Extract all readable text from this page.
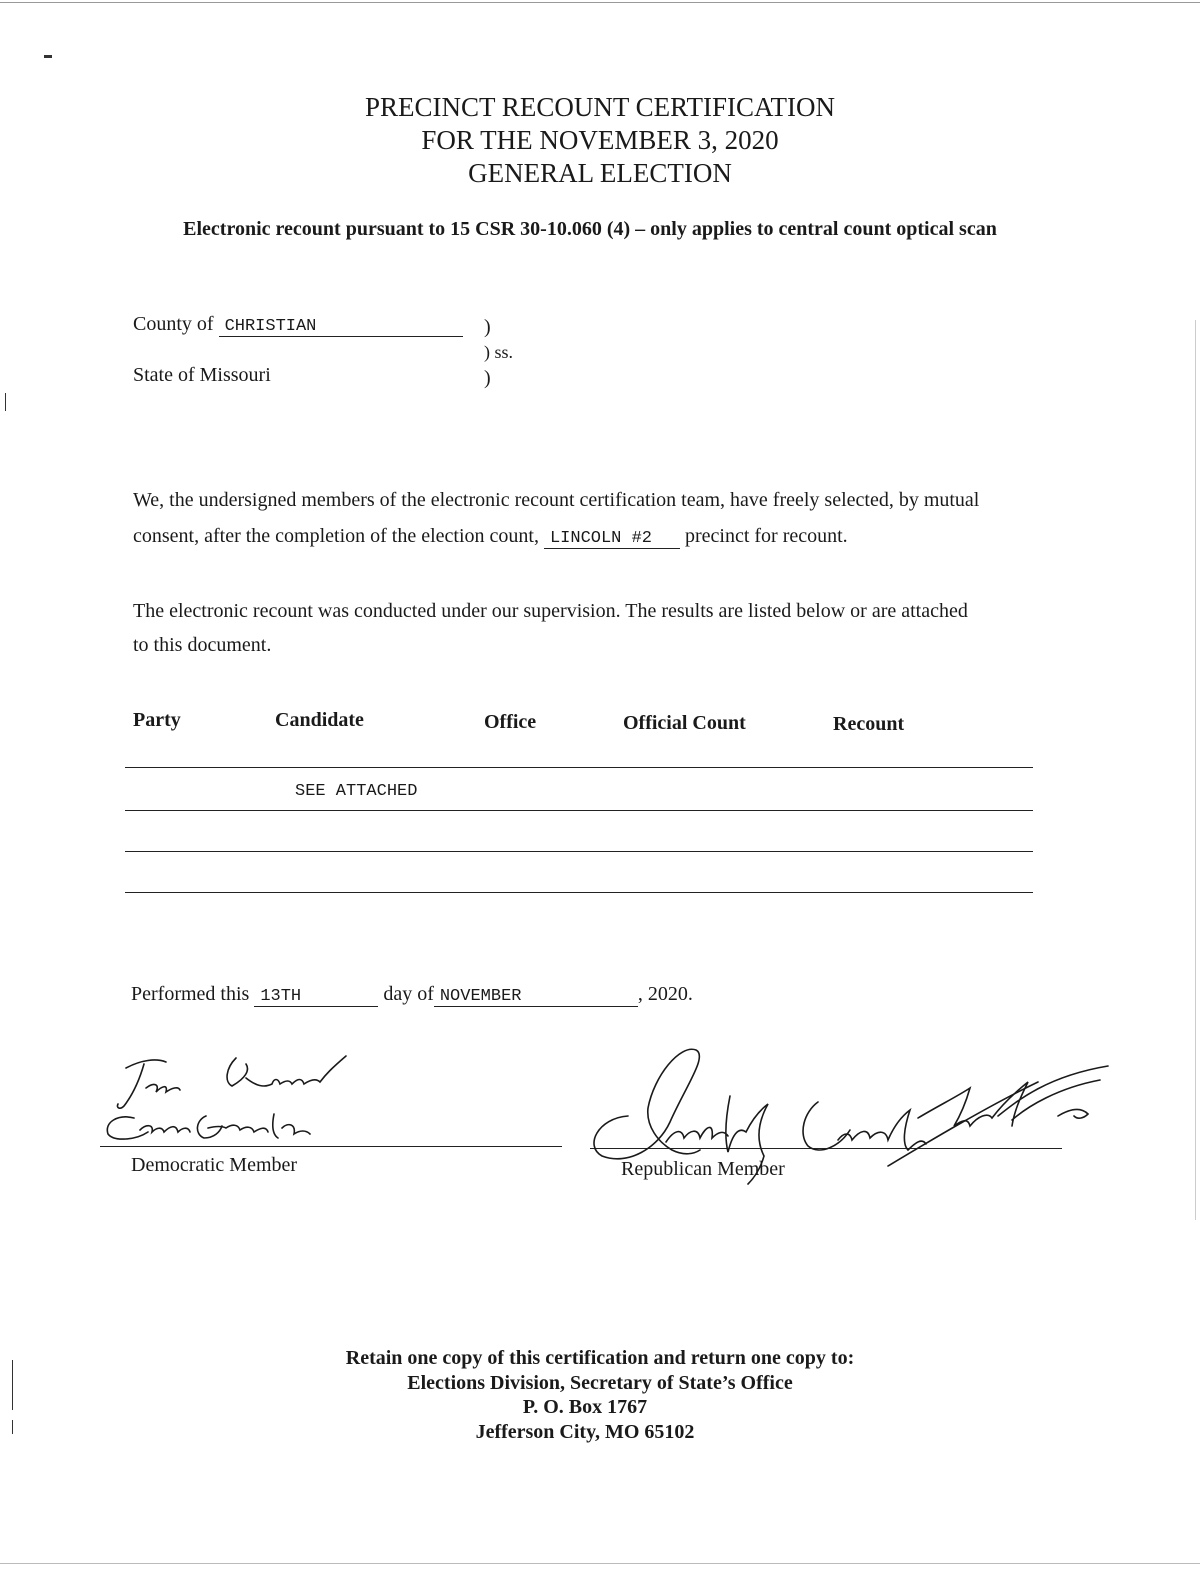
PRECINCT RECOUNT CERTIFICATION
FOR THE NOVEMBER 3, 2020
GENERAL ELECTION
Electronic recount pursuant to 15 CSR 30-10.060 (4) – only applies to central count optical scan
County of CHRISTIAN
State of Missouri
)
) ss.
)
We, the undersigned members of the electronic recount certification team, have freely selected, by mutual
consent, after the completion of the election count, LINCOLN #2 precinct for recount.
The electronic recount was conducted under our supervision. The results are listed below or are attached
to this document.
Party	Candidate	Office	Official Count	Recount
SEE ATTACHED
Performed this 13TH	day of NOVEMBER	, 2020.
Democratic Member	Republican Member
Retain one copy of this certification and return one copy to:
Elections Division, Secretary of State’s Office
P. O. Box 1767
Jefferson City, MO 65102
